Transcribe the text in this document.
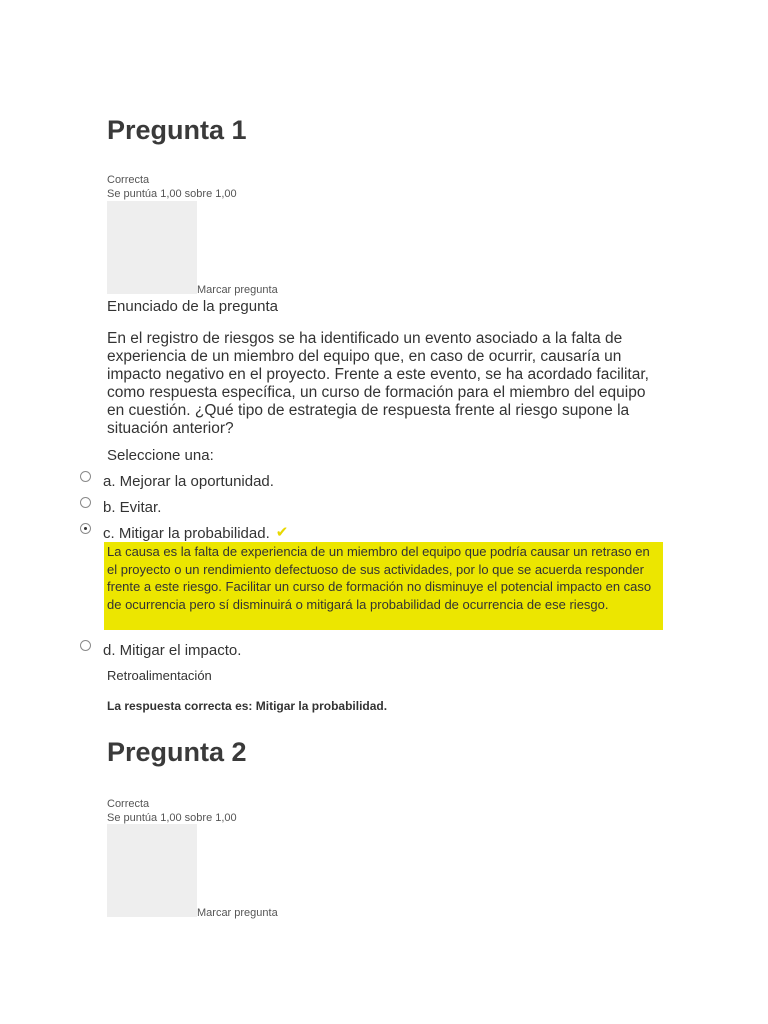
Pregunta 1
Correcta
Se puntúa 1,00 sobre 1,00
Marcar pregunta
Enunciado de la pregunta
En el registro de riesgos se ha identificado un evento asociado a la falta de experiencia de un miembro del equipo que, en caso de ocurrir, causaría un impacto negativo en el proyecto. Frente a este evento, se ha acordado facilitar, como respuesta específica, un curso de formación para el miembro del equipo en cuestión. ¿Qué tipo de estrategia de respuesta frente al riesgo supone la situación anterior?
Seleccione una:
a. Mejorar la oportunidad.
b. Evitar.
c. Mitigar la probabilidad. ✔
La causa es la falta de experiencia de un miembro del equipo que podría causar un retraso en el proyecto o un rendimiento defectuoso de sus actividades, por lo que se acuerda responder frente a este riesgo. Facilitar un curso de formación no disminuye el potencial impacto en caso de ocurrencia pero sí disminuirá o mitigará la probabilidad de ocurrencia de ese riesgo.
d. Mitigar el impacto.
Retroalimentación
La respuesta correcta es: Mitigar la probabilidad.
Pregunta 2
Correcta
Se puntúa 1,00 sobre 1,00
Marcar pregunta
